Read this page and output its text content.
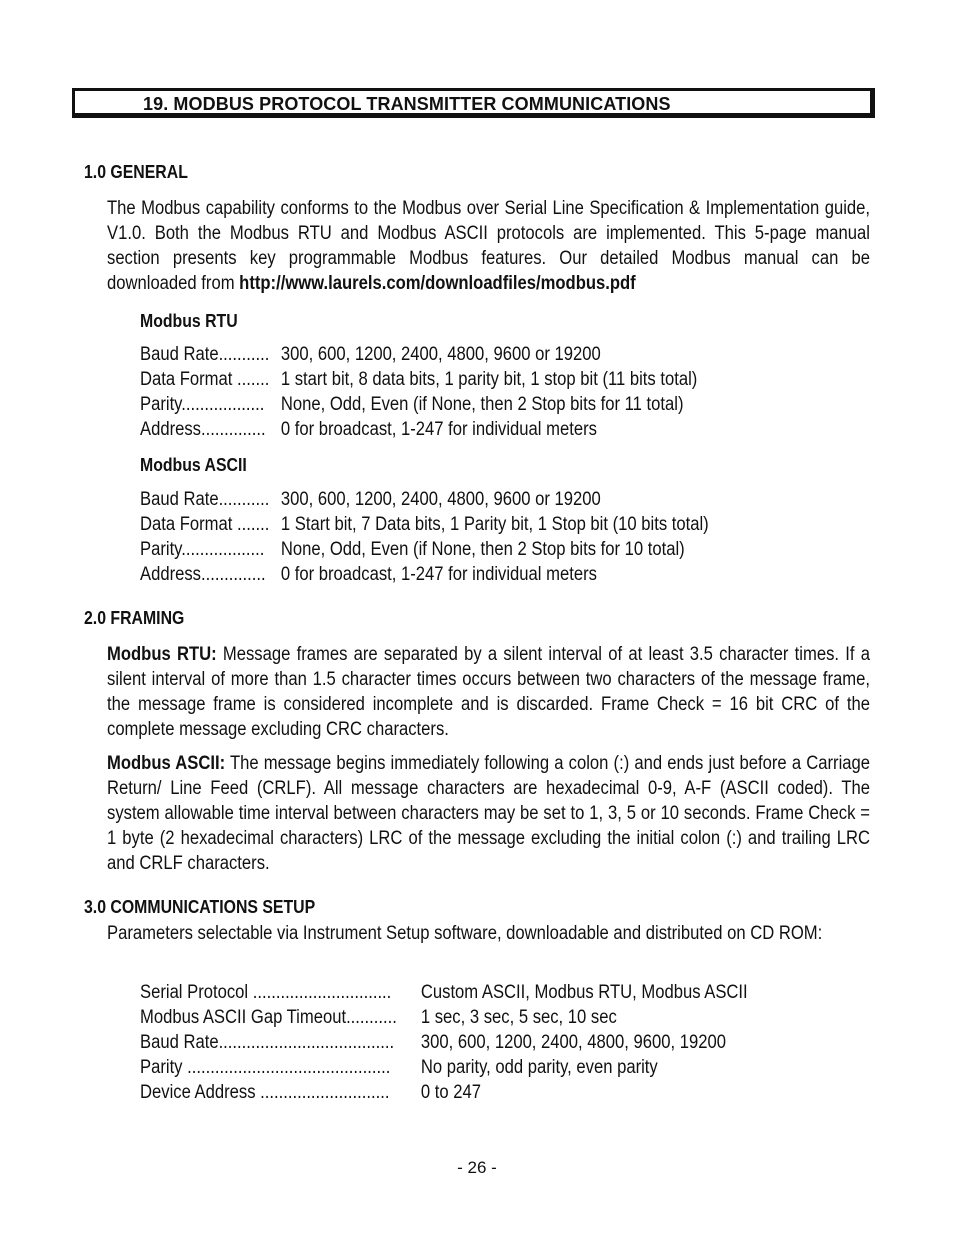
19. MODBUS PROTOCOL TRANSMITTER COMMUNICATIONS
1.0 GENERAL
The Modbus capability conforms to the Modbus over Serial Line Specification & Implementation guide, V1.0. Both the Modbus RTU and Modbus ASCII protocols are implemented. This 5-page manual section presents key programmable Modbus features. Our detailed Modbus manual can be downloaded from http://www.laurels.com/downloadfiles/modbus.pdf
Modbus RTU
Baud Rate........... 300, 600, 1200, 2400, 4800, 9600 or 19200
Data Format ....... 1 start bit, 8 data bits, 1 parity bit, 1 stop bit (11 bits total)
Parity.................. None, Odd, Even (if None, then 2 Stop bits for 11 total)
Address.............. 0 for broadcast, 1-247 for individual meters
Modbus ASCII
Baud Rate........... 300, 600, 1200, 2400, 4800, 9600 or 19200
Data Format ....... 1 Start bit, 7 Data bits, 1 Parity bit, 1 Stop bit (10 bits total)
Parity.................. None, Odd, Even (if None, then 2 Stop bits for 10 total)
Address.............. 0 for broadcast, 1-247 for individual meters
2.0 FRAMING
Modbus RTU: Message frames are separated by a silent interval of at least 3.5 character times. If a silent interval of more than 1.5 character times occurs between two characters of the message frame, the message frame is considered incomplete and is discarded. Frame Check = 16 bit CRC of the complete message excluding CRC characters.
Modbus ASCII: The message begins immediately following a colon (:) and ends just before a Carriage Return/ Line Feed (CRLF). All message characters are hexadecimal 0-9, A-F (ASCII coded). The system allowable time interval between characters may be set to 1, 3, 5 or 10 seconds. Frame Check = 1 byte (2 hexadecimal characters) LRC of the message excluding the initial colon (:) and trailing LRC and CRLF characters.
3.0 COMMUNICATIONS SETUP
Parameters selectable via Instrument Setup software, downloadable and distributed on CD ROM:
Serial Protocol ..............................	Custom ASCII, Modbus RTU, Modbus ASCII
Modbus ASCII Gap Timeout...........	1 sec, 3 sec, 5 sec, 10 sec
Baud Rate......................................	300, 600, 1200, 2400, 4800, 9600, 19200
Parity ............................................	No parity, odd parity, even parity
Device Address ............................	0 to 247
- 26 -
